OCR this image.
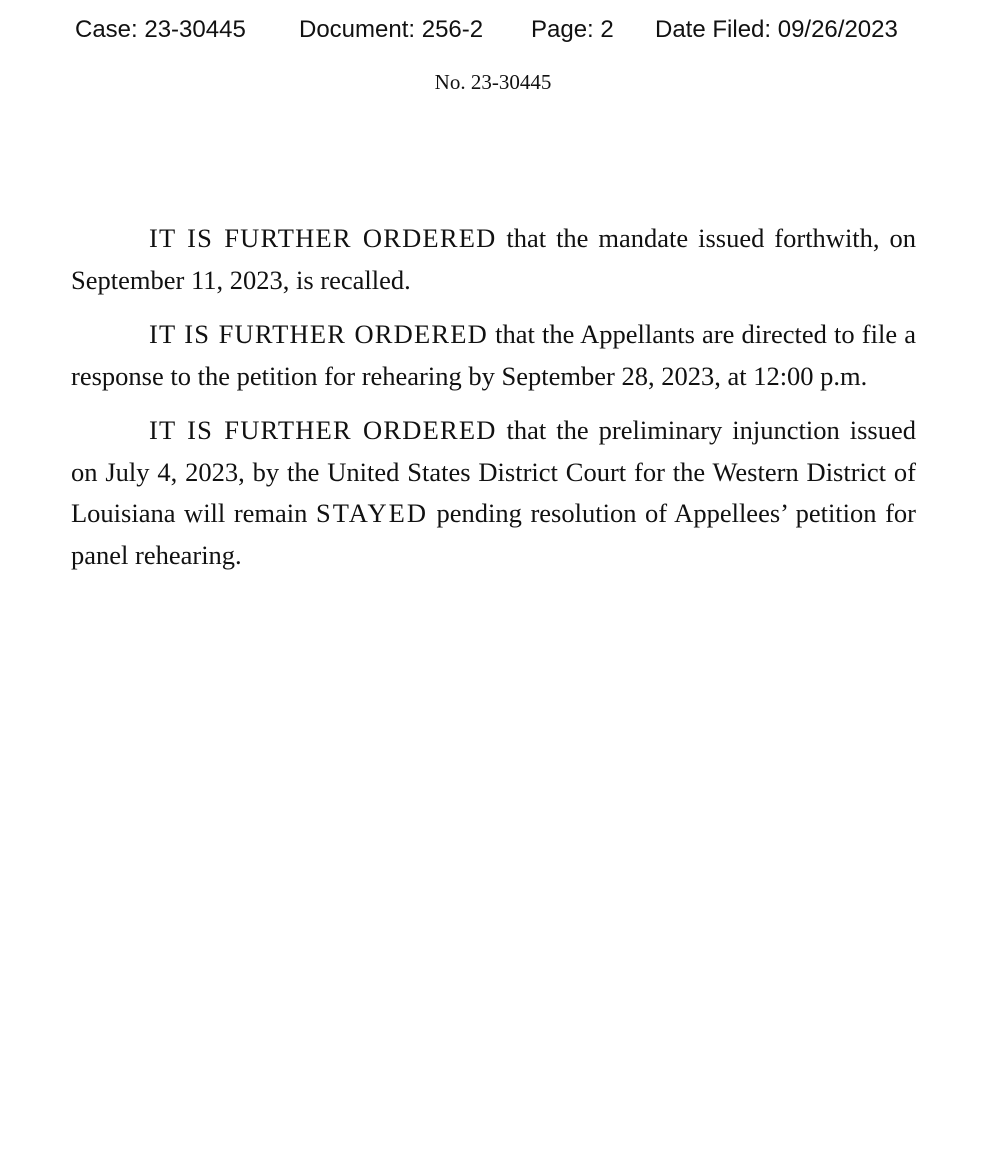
Case: 23-30445 Document: 256-2 Page: 2 Date Filed: 09/26/2023
No. 23-30445

IT IS FURTHER ORDERED that the mandate issued forthwith, on September 11, 2023, is recalled.

IT IS FURTHER ORDERED that the Appellants are directed to file a response to the petition for rehearing by September 28, 2023, at 12:00 p.m.

IT IS FURTHER ORDERED that the preliminary injunction issued on July 4, 2023, by the United States District Court for the Western District of Louisiana will remain STAYED pending resolution of Appellees’ petition for panel rehearing.
